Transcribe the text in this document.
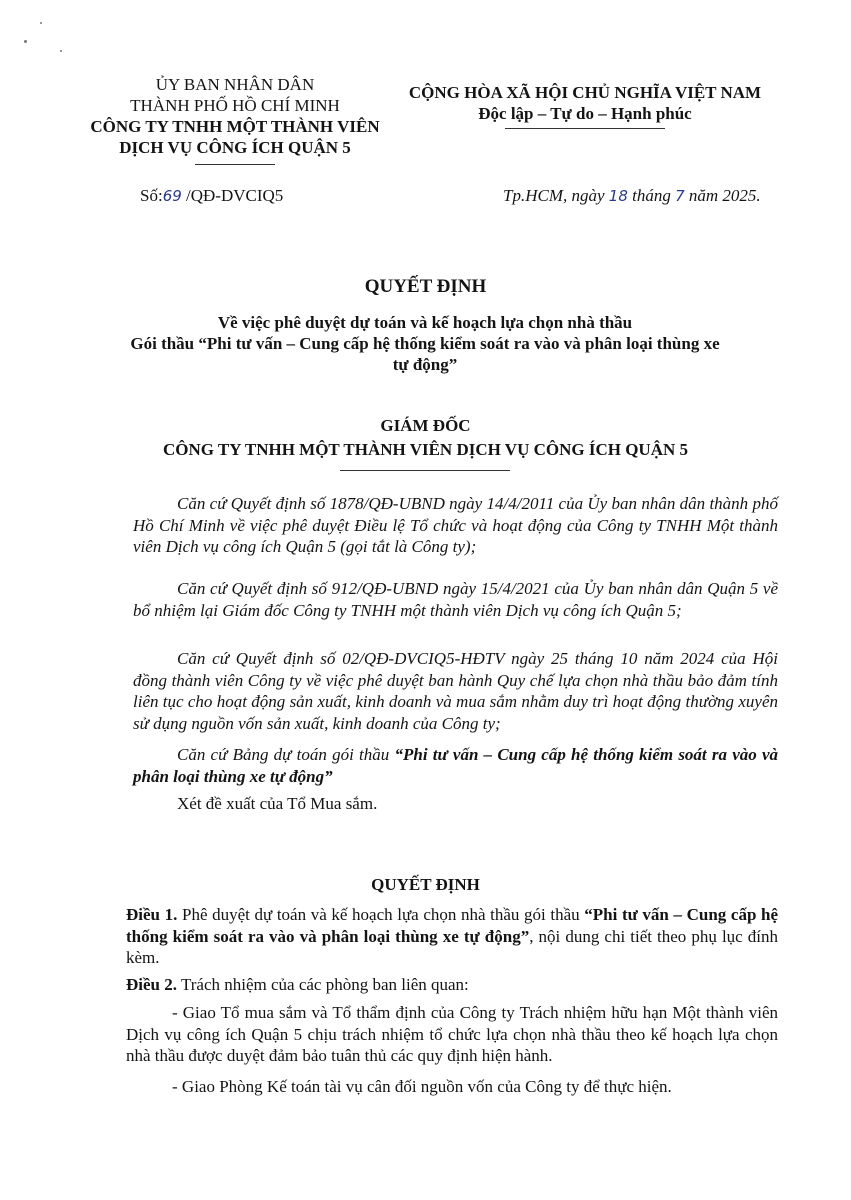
ỦY BAN NHÂN DÂN
THÀNH PHỐ HỒ CHÍ MINH
CÔNG TY TNHH MỘT THÀNH VIÊN
DỊCH VỤ CÔNG ÍCH QUẬN 5
Số:69 /QĐ-DVCIQ5
CỘNG HÒA XÃ HỘI CHỦ NGHĨA VIỆT NAM
Độc lập – Tự do – Hạnh phúc
Tp.HCM, ngày 18 tháng 7 năm 2025.
QUYẾT ĐỊNH
Về việc phê duyệt dự toán và kế hoạch lựa chọn nhà thầu
Gói thầu “Phi tư vấn – Cung cấp hệ thống kiểm soát ra vào và phân loại thùng xe
tự động”
GIÁM ĐỐC
CÔNG TY TNHH MỘT THÀNH VIÊN DỊCH VỤ CÔNG ÍCH QUẬN 5
Căn cứ Quyết định số 1878/QĐ-UBND ngày 14/4/2011 của Ủy ban nhân dân thành phố Hồ Chí Minh về việc phê duyệt Điều lệ Tổ chức và hoạt động của Công ty TNHH Một thành viên Dịch vụ công ích Quận 5 (gọi tắt là Công ty);
Căn cứ Quyết định số 912/QĐ-UBND ngày 15/4/2021 của Ủy ban nhân dân Quận 5 về bổ nhiệm lại Giám đốc Công ty TNHH một thành viên Dịch vụ công ích Quận 5;
Căn cứ Quyết định số 02/QĐ-DVCIQ5-HĐTV ngày 25 tháng 10 năm 2024 của Hội đồng thành viên Công ty về việc phê duyệt ban hành Quy chế lựa chọn nhà thầu bảo đảm tính liên tục cho hoạt động sản xuất, kinh doanh và mua sắm nhằm duy trì hoạt động thường xuyên sử dụng nguồn vốn sản xuất, kinh doanh của Công ty;
Căn cứ Bảng dự toán gói thầu “Phi tư vấn – Cung cấp hệ thống kiểm soát ra vào và phân loại thùng xe tự động”
Xét đề xuất của Tổ Mua sắm.
QUYẾT ĐỊNH
Điều 1. Phê duyệt dự toán và kế hoạch lựa chọn nhà thầu gói thầu “Phi tư vấn – Cung cấp hệ thống kiểm soát ra vào và phân loại thùng xe tự động”, nội dung chi tiết theo phụ lục đính kèm.
Điều 2. Trách nhiệm của các phòng ban liên quan:
- Giao Tổ mua sắm và Tổ thẩm định của Công ty Trách nhiệm hữu hạn Một thành viên Dịch vụ công ích Quận 5 chịu trách nhiệm tổ chức lựa chọn nhà thầu theo kế hoạch lựa chọn nhà thầu được duyệt đảm bảo tuân thủ các quy định hiện hành.
- Giao Phòng Kế toán tài vụ cân đối nguồn vốn của Công ty để thực hiện.
